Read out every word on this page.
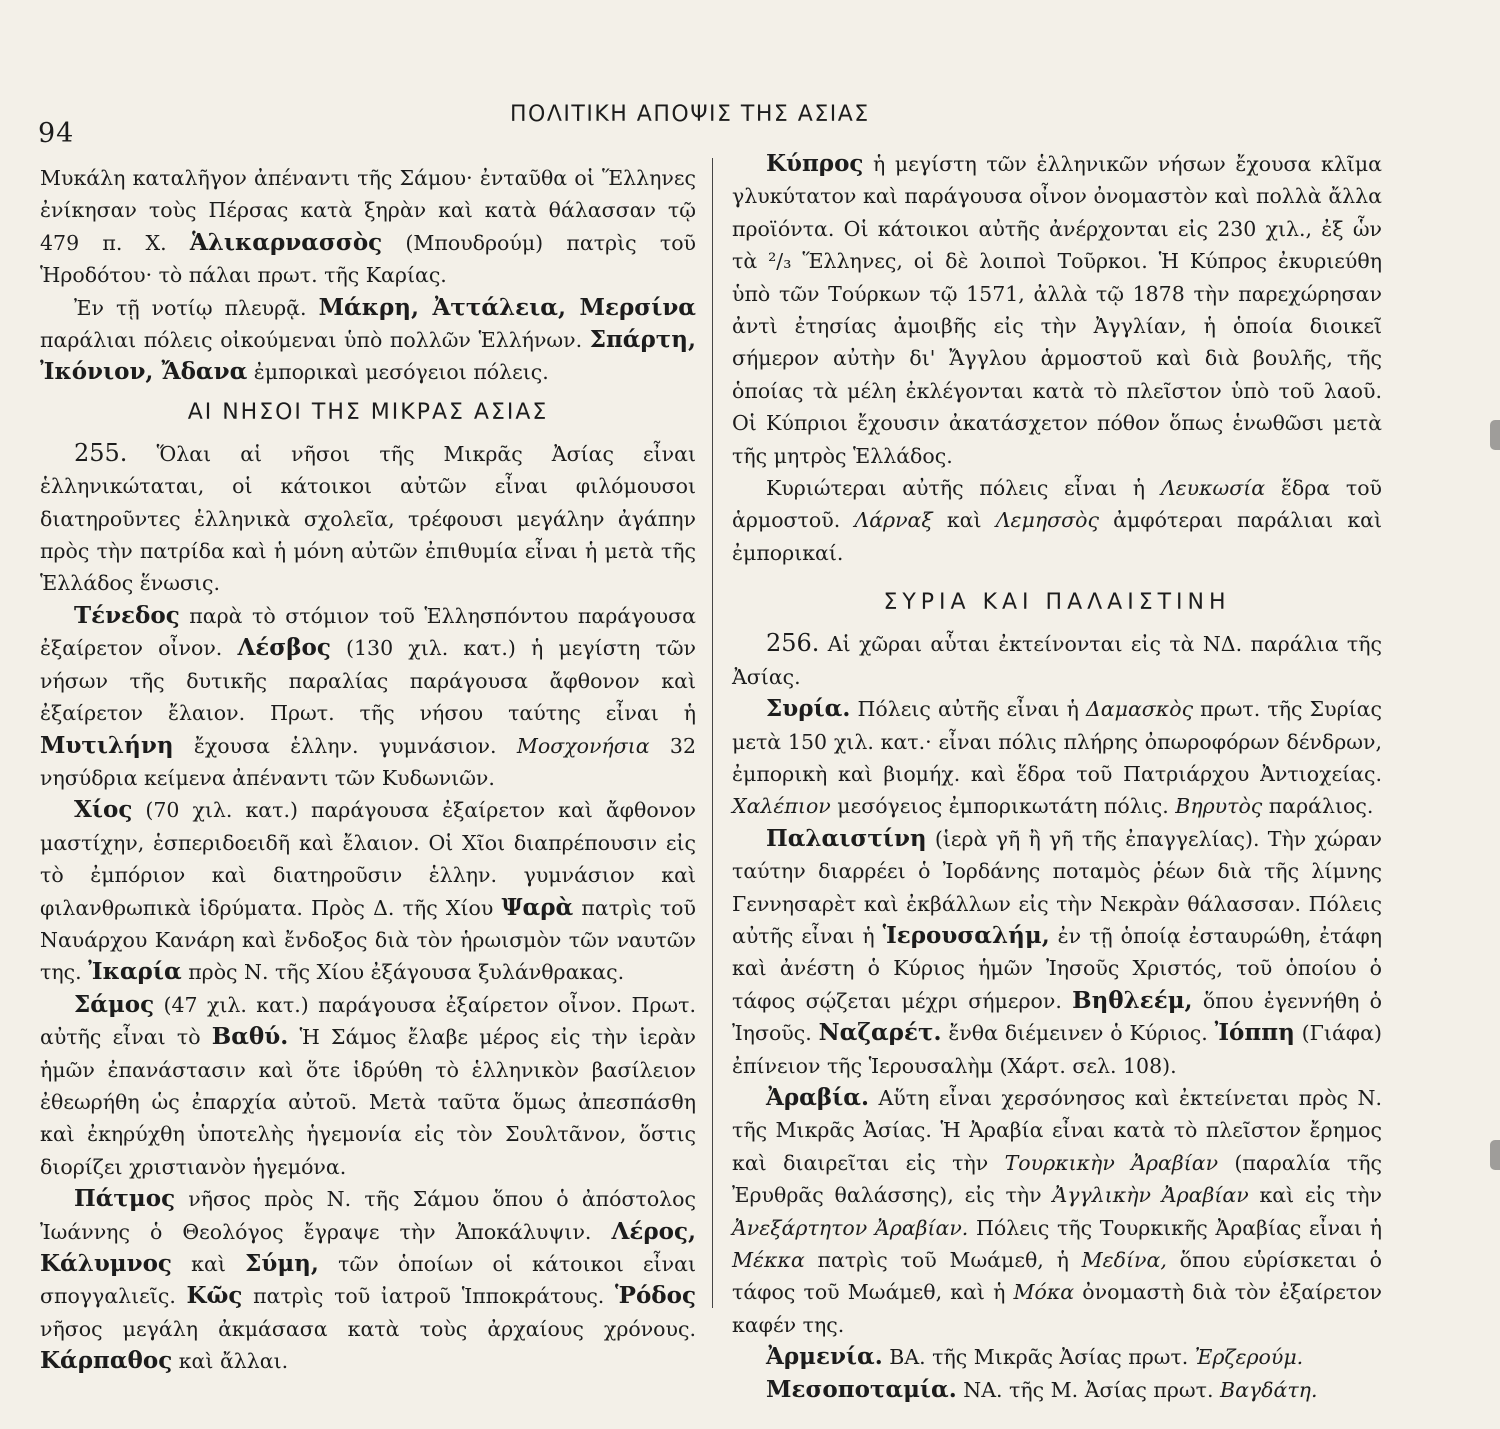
94
ΠΟΛΙΤΙΚΗ ΑΠΟΨΙΣ ΤΗΣ ΑΣΙΑΣ

Μυκάλη καταλῆγον ἀπέναντι τῆς Σάμου· ἐνταῦθα οἱ Ἕλληνες ἐνίκησαν τοὺς Πέρσας κατὰ ξηρὰν καὶ κατὰ θάλασσαν τῷ 479 π. Χ. Ἁλικαρνασσὸς (Μπουδρούμ) πατρὶς τοῦ Ἡροδότου· τὸ πάλαι πρωτ. τῆς Καρίας.

Ἐν τῇ νοτίῳ πλευρᾷ. Μάκρη, Ἀττάλεια, Μερσίνα παράλιαι πόλεις οἰκούμεναι ὑπὸ πολλῶν Ἑλλήνων. Σπάρτη, Ἰκόνιον, Ἄδανα ἐμπορικαὶ μεσόγειοι πόλεις.

ΑΙ ΝΗΣΟΙ ΤΗΣ ΜΙΚΡΑΣ ΑΣΙΑΣ

255. Ὅλαι αἱ νῆσοι τῆς Μικρᾶς Ἀσίας εἶναι ἑλληνικώταται, οἱ κάτοικοι αὐτῶν εἶναι φιλόμουσοι διατηροῦντες ἑλληνικὰ σχολεῖα, τρέφουσι μεγάλην ἀγάπην πρὸς τὴν πατρίδα καὶ ἡ μόνη αὐτῶν ἐπιθυμία εἶναι ἡ μετὰ τῆς Ἑλλάδος ἕνωσις.

Τένεδος παρὰ τὸ στόμιον τοῦ Ἑλλησπόντου παράγουσα ἐξαίρετον οἶνον. Λέσβος (130 χιλ. κατ.) ἡ μεγίστη τῶν νήσων τῆς δυτικῆς παραλίας παράγουσα ἄφθονον καὶ ἐξαίρετον ἔλαιον. Πρωτ. τῆς νήσου ταύτης εἶναι ἡ Μυτιλήνη ἔχουσα ἑλλην. γυμνάσιον. Μοσχονήσια 32 νησύδρια κείμενα ἀπέναντι τῶν Κυδωνιῶν.

Χίος (70 χιλ. κατ.) παράγουσα ἐξαίρετον καὶ ἄφθονον μαστίχην, ἑσπεριδοειδῆ καὶ ἔλαιον. Οἱ Χῖοι διαπρέπουσιν εἰς τὸ ἐμπόριον καὶ διατηροῦσιν ἑλλην. γυμνάσιον καὶ φιλανθρωπικὰ ἱδρύματα. Πρὸς Δ. τῆς Χίου Ψαρὰ πατρὶς τοῦ Ναυάρχου Κανάρη καὶ ἔνδοξος διὰ τὸν ἡρωισμὸν τῶν ναυτῶν της. Ἰκαρία πρὸς Ν. τῆς Χίου ἐξάγουσα ξυλάνθρακας.

Σάμος (47 χιλ. κατ.) παράγουσα ἐξαίρετον οἶνον. Πρωτ. αὐτῆς εἶναι τὸ Βαθύ. Ἡ Σάμος ἔλαβε μέρος εἰς τὴν ἱερὰν ἡμῶν ἐπανάστασιν καὶ ὅτε ἱδρύθη τὸ ἑλληνικὸν βασίλειον ἐθεωρήθη ὡς ἐπαρχία αὐτοῦ. Μετὰ ταῦτα ὅμως ἀπεσπάσθη καὶ ἐκηρύχθη ὑποτελὴς ἡγεμονία εἰς τὸν Σουλτᾶνον, ὅστις διορίζει χριστιανὸν ἡγεμόνα.

Πάτμος νῆσος πρὸς Ν. τῆς Σάμου ὅπου ὁ ἀπόστολος Ἰωάννης ὁ Θεολόγος ἔγραψε τὴν Ἀποκάλυψιν. Λέρος, Κάλυμνος καὶ Σύμη, τῶν ὁποίων οἱ κάτοικοι εἶναι σπογγαλιεῖς. Κῶς πατρὶς τοῦ ἰατροῦ Ἱπποκράτους. Ῥόδος νῆσος μεγάλη ἀκμάσασα κατὰ τοὺς ἀρχαίους χρόνους. Κάρπαθος καὶ ἄλλαι.

Κύπρος ἡ μεγίστη τῶν ἑλληνικῶν νήσων ἔχουσα κλῖμα γλυκύτατον καὶ παράγουσα οἶνον ὀνομαστὸν καὶ πολλὰ ἄλλα προϊόντα. Οἱ κάτοικοι αὐτῆς ἀνέρχονται εἰς 230 χιλ., ἐξ ὧν τὰ ²/₃ Ἕλληνες, οἱ δὲ λοιποὶ Τοῦρκοι. Ἡ Κύπρος ἐκυριεύθη ὑπὸ τῶν Τούρκων τῷ 1571, ἀλλὰ τῷ 1878 τὴν παρεχώρησαν ἀντὶ ἐτησίας ἀμοιβῆς εἰς τὴν Ἀγγλίαν, ἡ ὁποία διοικεῖ σήμερον αὐτὴν δι' Ἄγγλου ἁρμοστοῦ καὶ διὰ βουλῆς, τῆς ὁποίας τὰ μέλη ἐκλέγονται κατὰ τὸ πλεῖστον ὑπὸ τοῦ λαοῦ. Οἱ Κύπριοι ἔχουσιν ἀκατάσχετον πόθον ὅπως ἑνωθῶσι μετὰ τῆς μητρὸς Ἑλλάδος.

Κυριώτεραι αὐτῆς πόλεις εἶναι ἡ Λευκωσία ἕδρα τοῦ ἁρμοστοῦ. Λάρναξ καὶ Λεμησσὸς ἀμφότεραι παράλιαι καὶ ἐμπορικαί.

ΣΥΡΙΑ ΚΑΙ ΠΑΛΑΙΣΤΙΝΗ

256. Αἱ χῶραι αὗται ἐκτείνονται εἰς τὰ ΝΔ. παράλια τῆς Ἀσίας.

Συρία. Πόλεις αὐτῆς εἶναι ἡ Δαμασκὸς πρωτ. τῆς Συρίας μετὰ 150 χιλ. κατ.· εἶναι πόλις πλήρης ὀπωροφόρων δένδρων, ἐμπορικὴ καὶ βιομήχ. καὶ ἕδρα τοῦ Πατριάρχου Ἀντιοχείας. Χαλέπιον μεσόγειος ἐμπορικωτάτη πόλις. Βηρυτὸς παράλιος.

Παλαιστίνη (ἱερὰ γῆ ἢ γῆ τῆς ἐπαγγελίας). Τὴν χώραν ταύτην διαρρέει ὁ Ἰορδάνης ποταμὸς ῥέων διὰ τῆς λίμνης Γεννησαρὲτ καὶ ἐκβάλλων εἰς τὴν Νεκρὰν θάλασσαν. Πόλεις αὐτῆς εἶναι ἡ Ἱερουσαλήμ, ἐν τῇ ὁποίᾳ ἐσταυρώθη, ἐτάφη καὶ ἀνέστη ὁ Κύριος ἡμῶν Ἰησοῦς Χριστός, τοῦ ὁποίου ὁ τάφος σῴζεται μέχρι σήμερον. Βηθλεέμ, ὅπου ἐγεννήθη ὁ Ἰησοῦς. Ναζαρέτ. ἔνθα διέμεινεν ὁ Κύριος. Ἰόππη (Γιάφα) ἐπίνειον τῆς Ἱερουσαλὴμ (Χάρτ. σελ. 108).

Ἀραβία. Αὕτη εἶναι χερσόνησος καὶ ἐκτείνεται πρὸς Ν. τῆς Μικρᾶς Ἀσίας. Ἡ Ἀραβία εἶναι κατὰ τὸ πλεῖστον ἔρημος καὶ διαιρεῖται εἰς τὴν Τουρκικὴν Ἀραβίαν (παραλία τῆς Ἐρυθρᾶς θαλάσσης), εἰς τὴν Ἀγγλικὴν Ἀραβίαν καὶ εἰς τὴν Ἀνεξάρτητον Ἀραβίαν. Πόλεις τῆς Τουρκικῆς Ἀραβίας εἶναι ἡ Μέκκα πατρὶς τοῦ Μωάμεθ, ἡ Μεδίνα, ὅπου εὑρίσκεται ὁ τάφος τοῦ Μωάμεθ, καὶ ἡ Μόκα ὀνομαστὴ διὰ τὸν ἐξαίρετον καφέν της.

Ἀρμενία. ΒΑ. τῆς Μικρᾶς Ἀσίας πρωτ. Ἐρζερούμ.

Μεσοποταμία. ΝΑ. τῆς Μ. Ἀσίας πρωτ. Βαγδάτη.
